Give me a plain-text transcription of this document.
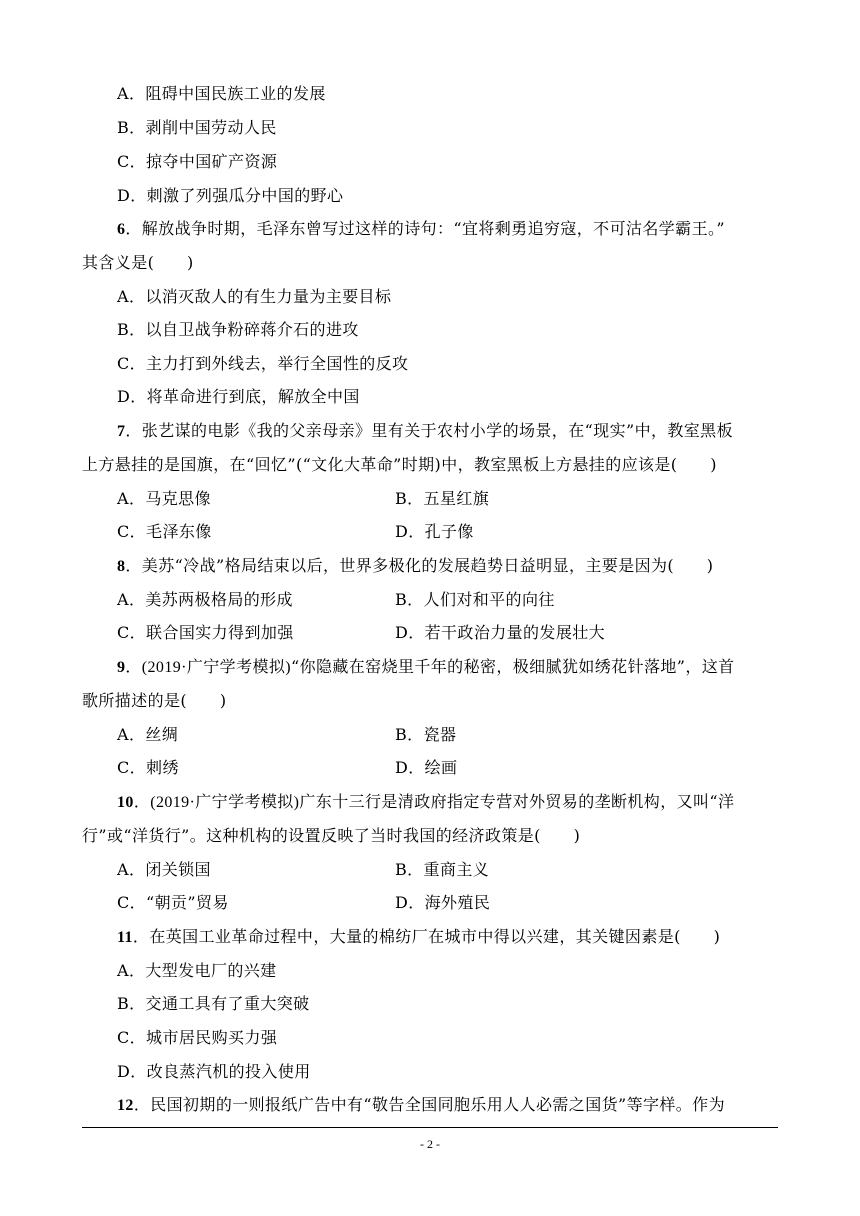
A．阻碍中国民族工业的发展
B．剥削中国劳动人民
C．掠夺中国矿产资源
D．刺激了列强瓜分中国的野心
6．解放战争时期，毛泽东曾写过这样的诗句：“宜将剩勇追穷寇，不可沽名学霸王。”
其含义是(　　)
A．以消灭敌人的有生力量为主要目标
B．以自卫战争粉碎蒋介石的进攻
C．主力打到外线去，举行全国性的反攻
D．将革命进行到底，解放全中国
7．张艺谋的电影《我的父亲母亲》里有关于农村小学的场景，在“现实”中，教室黑板
上方悬挂的是国旗，在“回忆”(“文化大革命”时期)中，教室黑板上方悬挂的应该是(　　)
A．马克思像	B．五星红旗
C．毛泽东像	D．孔子像
8．美苏“冷战”格局结束以后，世界多极化的发展趋势日益明显，主要是因为(　　)
A．美苏两极格局的形成	B．人们对和平的向往
C．联合国实力得到加强	D．若干政治力量的发展壮大
9．(2019·广宁学考模拟)“你隐藏在窑烧里千年的秘密，极细腻犹如绣花针落地”，这首
歌所描述的是(　　)
A．丝绸	B．瓷器
C．刺绣	D．绘画
10．(2019·广宁学考模拟)广东十三行是清政府指定专营对外贸易的垄断机构，又叫“洋
行”或“洋货行”。这种机构的设置反映了当时我国的经济政策是(　　)
A．闭关锁国	B．重商主义
C．“朝贡”贸易	D．海外殖民
11．在英国工业革命过程中，大量的棉纺厂在城市中得以兴建，其关键因素是(　　)
A．大型发电厂的兴建
B．交通工具有了重大突破
C．城市居民购买力强
D．改良蒸汽机的投入使用
12．民国初期的一则报纸广告中有“敬告全国同胞乐用人人必需之国货”等字样。作为
- 2 -
